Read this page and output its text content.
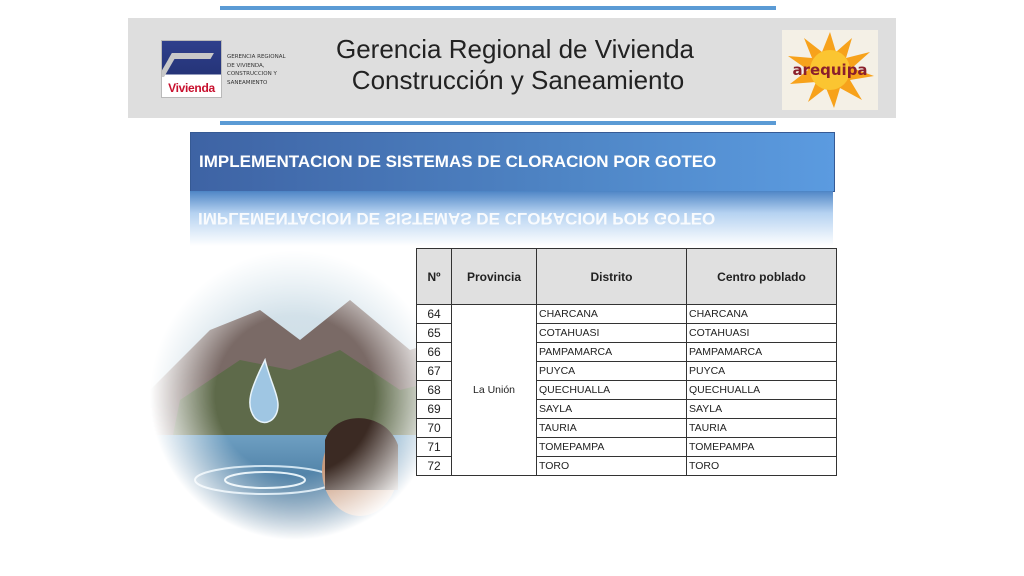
Vivienda
GERENCIA REGIONAL DE VIVIENDA, CONSTRUCCION Y SANEAMIENTO
Gerencia Regional de Vivienda
Construcción y Saneamiento	arequipa
IMPLEMENTACION DE SISTEMAS DE CLORACION POR GOTEO
IMPLEMENTACION DE SISTEMAS DE CLORACION POR GOTEO
Nº	Provincia	Distrito	Centro poblado
64	La Unión	CHARCANA	CHARCANA
65		COTAHUASI	COTAHUASI
66		PAMPAMARCA	PAMPAMARCA
67		PUYCA	PUYCA
68		QUECHUALLA	QUECHUALLA
69		SAYLA	SAYLA
70		TAURIA	TAURIA
71		TOMEPAMPA	TOMEPAMPA
72		TORO	TORO
